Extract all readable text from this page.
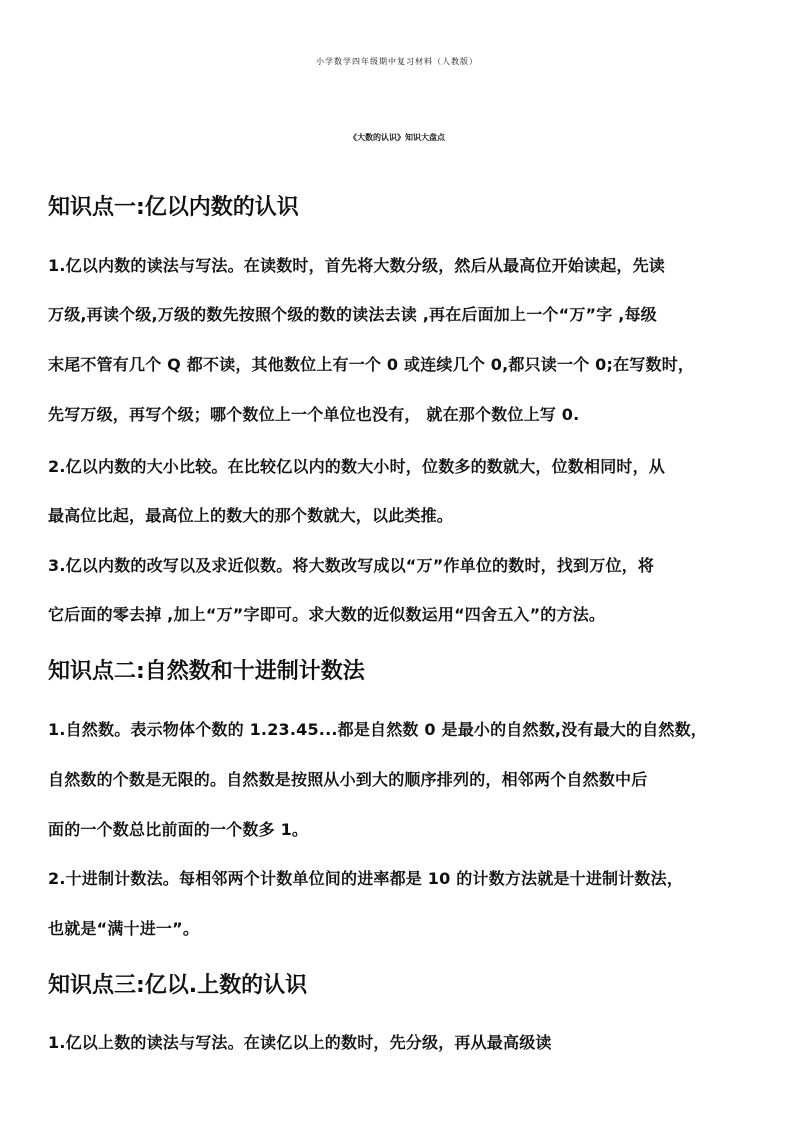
小学数学四年级期中复习材料（人教版）
《大数的认识》知识大盘点
知识点一:亿以内数的认识
1.亿以内数的读法与写法。在读数时，首先将大数分级，然后从最高位开始读起，先读
万级,再读个级,万级的数先按照个级的数的读法去读 ,再在后面加上一个“万”字 ,每级
末尾不管有几个 Q 都不读，其他数位上有一个 0 或连续几个 0,都只读一个 0;在写数时，
先写万级，再写个级；哪个数位上一个单位也没有， 就在那个数位上写 0.
2.亿以内数的大小比较。在比较亿以内的数大小时，位数多的数就大，位数相同时，从
最高位比起，最高位上的数大的那个数就大，以此类推。
3.亿以内数的改写以及求近似数。将大数改写成以“万”作单位的数时，找到万位，将
它后面的零去掉 ,加上“万”字即可。求大数的近似数运用“四舍五入”的方法。
知识点二:自然数和十进制计数法
1.自然数。表示物体个数的 1.23.45...都是自然数 0 是最小的自然数,没有最大的自然数，
自然数的个数是无限的。自然数是按照从小到大的顺序排列的，相邻两个自然数中后
面的一个数总比前面的一个数多 1。
2.十进制计数法。每相邻两个计数单位间的进率都是 10 的计数方法就是十进制计数法，
也就是“满十进一”。
知识点三:亿以.上数的认识
1.亿以上数的读法与写法。在读亿以上的数时，先分级，再从最高级读
